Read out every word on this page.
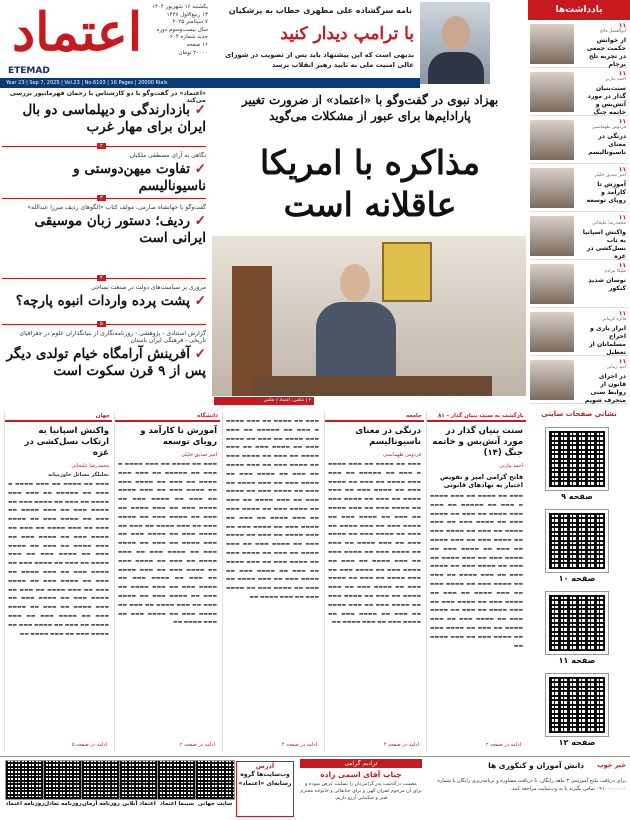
اعتماد
ETEMAD
یکشنبه ۱۶ شهریور ۱۴۰۴
۱۳ ربیع‌الاول ۱۴۴۷
۷ سپتامبر ۲۰۲۵
سال بیست‌وسوم دوره
جدید شماره ۶۰۴
۱۶ صفحه
۲۰۰۰۰ تومان
Year 23 | Sep 7, 2025 | Vol.23 | No.6103 | 16 Pages | 20000 Rials
نامه سرگشاده علی مطهری خطاب به پزشکیان
با ترامپ دیدار کنید
بدیهی است که این پیشنهاد باید پس از تصویب در شورای عالی امنیت ملی به تایید رهبر انقلاب برسد
یادداشت‌ها
۱۱
ابوالفضل فاتح
از خوانش حکمت جمعی در تجربه تلخ برجام
۱۱
احمد مازنی
سنت‌بنیان گذار در مورد آتش‌بس و خاتمه جنگ
۱۱
فردوس طهماسبی
درنگی در معنای ناسیونالیسم
۱۱
امیر صدیق خلیلی
آموزش تا کارآمد و رویای توسعه
۱۱
محمدرضا علیخانی
واکنش اسپانیا به تاب نسل‌کشی در غزه
۱۱
ملیکا مرادی
نوسان شدیدِ کنکور
۱۱
فائزه کرمانی
ابراز یاری و اخراج مسلمانان از تعطیل
۱۱
امید زمانی
در اجرای قانون از روابط سنی منحرف شویم
نشانی صفحات سایتی
صفحه ۹
صفحه ۱۰
صفحه ۱۱
صفحه ۱۲
«اعتماد» در گفت‌وگو با دو کارشناس با رحمان قهرمانپور بررسی می‌کند
✓ بازدارندگی و دیپلماسی دو بال ایران برای مهار غرب
۲
نگاهی به آرای مصطفی ملکیان
✓ تفاوت میهن‌دوستی و ناسیونالیسم
۳
گفت‌وگو با جهانشاه صارمی، مولف کتاب «الگوهای ردیف میرزا عبدالله»
✓ ردیف؛ دستور زبان موسیقی ایرانی است
۴
مروری بر سیاست‌های دولت در صنعت نساجی
✓ پشت پرده واردات انبوه پارچه؟
۵
گزارش استنادی - پژوهشی - روزنامه‌نگاری از بنیانگذاران علوم در جغرافیای تاریخی - فرهنگی ایران باستان
✓ آفرینش آرامگاه خیام تولدی دیگر پس از ۹ قرن سکوت است
بهزاد نبوی در گفت‌وگو با «اعتماد» از ضرورت تغییر پارادایم‌ها برای عبور از مشکلات می‌گوید
مذاکره با امریکا
عاقلانه است
۲ | عکس: اعتماد / عکس
بازگشت به سنت بنیان گذار - ۸۱
سنت بنیان گذار در مورد آتش‌بس و خاتمه جنگ (۱۴)
احمد مازنی
فاتح گرامی امیر و تفویض اختیار به نهادهای قانونی
▬▬▬ ▬▬ ▬▬▬▬ ▬▬ ▬▬▬ ▬▬▬▬ ▬ ▬▬▬ ▬▬ ▬▬▬▬▬ ▬▬ ▬▬▬ ▬▬▬ ▬▬▬▬ ▬▬ ▬▬▬ ▬▬ ▬▬▬▬ ▬▬▬ ▬▬ ▬▬▬▬ ▬▬▬ ▬▬ ▬▬▬ ▬▬▬▬ ▬▬ ▬▬▬ ▬▬ ▬▬▬▬ ▬▬▬ ▬▬ ▬▬▬▬ ▬▬▬ ▬▬ ▬▬▬ ▬▬▬▬ ▬▬ ▬▬▬ ▬▬ ▬▬▬▬ ▬▬▬ ▬▬ ▬▬▬▬ ▬▬▬ ▬▬ ▬▬▬ ▬▬▬▬ ▬▬ ▬▬▬ ▬▬ ▬▬▬▬ ▬▬▬ ▬▬ ▬▬▬▬ ▬▬▬ ▬▬ ▬▬▬ ▬▬▬▬ ▬▬ ▬▬▬ ▬▬ ▬▬▬▬ ▬▬▬ ▬▬ ▬▬▬▬ ▬▬▬ ▬▬ ▬▬▬ ▬▬▬▬ ▬▬ ▬▬▬ ▬▬ ▬▬▬▬ ▬▬▬ ▬▬ ▬▬▬▬ ▬▬▬ ▬▬ ▬▬▬ ▬▬▬▬ ▬▬ ▬▬▬ ▬▬ ▬▬▬▬ ▬▬▬ ▬▬ ▬▬▬▬ ▬▬▬ ▬▬ ▬▬▬ ▬▬▬▬ ▬▬ ▬▬▬ ▬▬ ▬▬▬▬ ▬▬▬ ▬▬ ▬▬▬▬ ▬▬▬ ▬▬ ▬▬▬ ▬▬▬▬ ▬▬
ادامه در صفحه ۲
جامعه
درنگی در معنای ناسیونالیسم
فردوس طهماسبی
▬▬▬ ▬▬ ▬▬▬▬ ▬▬ ▬▬▬ ▬▬▬▬ ▬ ▬▬▬ ▬▬ ▬▬▬▬▬ ▬▬ ▬▬▬ ▬▬▬ ▬▬▬▬ ▬▬ ▬▬▬ ▬▬ ▬▬▬▬ ▬▬▬ ▬▬ ▬▬▬▬ ▬▬▬ ▬▬ ▬▬▬ ▬▬▬▬ ▬▬ ▬▬▬ ▬▬ ▬▬▬▬ ▬▬▬ ▬▬ ▬▬▬▬ ▬▬▬ ▬▬ ▬▬▬ ▬▬▬▬ ▬▬ ▬▬▬ ▬▬ ▬▬▬▬ ▬▬▬ ▬▬ ▬▬▬▬ ▬▬▬ ▬▬ ▬▬▬ ▬▬▬▬ ▬▬ ▬▬▬ ▬▬ ▬▬▬▬ ▬▬▬ ▬▬ ▬▬▬▬ ▬▬▬ ▬▬ ▬▬▬ ▬▬▬▬ ▬▬ ▬▬▬ ▬▬ ▬▬▬▬ ▬▬▬ ▬▬ ▬▬▬▬ ▬▬▬ ▬▬ ▬▬▬ ▬▬▬▬ ▬▬ ▬▬▬ ▬▬ ▬▬▬▬ ▬▬▬ ▬▬ ▬▬▬▬ ▬▬▬ ▬▬ ▬▬▬ ▬▬▬▬ ▬▬ ▬▬▬ ▬▬ ▬▬▬▬ ▬▬▬ ▬▬ ▬▬▬▬ ▬▬▬ ▬▬ ▬▬▬ ▬▬▬▬ ▬▬ ▬▬▬ ▬▬ ▬▬▬▬ ▬▬▬ ▬▬ ▬▬▬▬ ▬▬▬ ▬▬ ▬▬▬ ▬▬▬▬ ▬▬ ▬▬▬ ▬▬ ▬▬▬▬ ▬▬▬ ▬▬ ▬▬▬▬ ▬▬▬ ▬▬ ▬▬▬ ▬▬▬▬ ▬▬
ادامه در صفحه ۴
▬▬▬ ▬▬ ▬▬▬▬ ▬▬ ▬▬▬ ▬▬▬▬ ▬ ▬▬▬ ▬▬ ▬▬▬▬▬ ▬▬ ▬▬▬ ▬▬▬ ▬▬▬▬ ▬▬ ▬▬▬ ▬▬ ▬▬▬▬ ▬▬▬ ▬▬ ▬▬▬▬ ▬▬▬ ▬▬ ▬▬▬ ▬▬▬▬ ▬▬ ▬▬▬ ▬▬ ▬▬▬▬ ▬▬▬ ▬▬ ▬▬▬▬ ▬▬▬ ▬▬ ▬▬▬ ▬▬▬▬ ▬▬ ▬▬▬ ▬▬ ▬▬▬▬ ▬▬▬ ▬▬ ▬▬▬▬ ▬▬▬ ▬▬ ▬▬▬ ▬▬▬▬ ▬▬ ▬▬▬ ▬▬ ▬▬▬▬ ▬▬▬ ▬▬ ▬▬▬▬ ▬▬▬ ▬▬ ▬▬▬ ▬▬▬▬ ▬▬ ▬▬▬ ▬▬ ▬▬▬▬ ▬▬▬ ▬▬ ▬▬▬▬ ▬▬▬ ▬▬ ▬▬▬ ▬▬▬▬ ▬▬ ▬▬▬ ▬▬ ▬▬▬▬ ▬▬▬ ▬▬ ▬▬▬▬ ▬▬▬ ▬▬ ▬▬▬ ▬▬▬▬ ▬▬ ▬▬▬ ▬▬ ▬▬▬▬ ▬▬▬ ▬▬ ▬▬▬▬ ▬▬▬ ▬▬ ▬▬▬ ▬▬▬▬ ▬▬ ▬▬▬ ▬▬ ▬▬▬▬ ▬▬▬ ▬▬ ▬▬▬▬ ▬▬▬ ▬▬ ▬▬▬ ▬▬▬▬ ▬▬ ▬▬▬ ▬▬ ▬▬▬▬ ▬▬▬ ▬▬ ▬▬▬▬ ▬▬▬ ▬▬ ▬▬▬ ▬▬▬▬ ▬▬ ▬▬▬ ▬▬ ▬▬▬▬ ▬▬▬ ▬▬ ▬▬▬▬ ▬▬▬ ▬▬ ▬▬▬ ▬▬▬▬ ▬▬
ادامه در صفحه ۴
دانشگاه
آموزش نا کارآمد و رویای توسعه
امیر صدیق خلیلی
▬▬▬ ▬▬ ▬▬▬▬ ▬▬ ▬▬▬ ▬▬▬▬ ▬ ▬▬▬ ▬▬ ▬▬▬▬▬ ▬▬ ▬▬▬ ▬▬▬ ▬▬▬▬ ▬▬ ▬▬▬ ▬▬ ▬▬▬▬ ▬▬▬ ▬▬ ▬▬▬▬ ▬▬▬ ▬▬ ▬▬▬ ▬▬▬▬ ▬▬ ▬▬▬ ▬▬ ▬▬▬▬ ▬▬▬ ▬▬ ▬▬▬▬ ▬▬▬ ▬▬ ▬▬▬ ▬▬▬▬ ▬▬ ▬▬▬ ▬▬ ▬▬▬▬ ▬▬▬ ▬▬ ▬▬▬▬ ▬▬▬ ▬▬ ▬▬▬ ▬▬▬▬ ▬▬ ▬▬▬ ▬▬ ▬▬▬▬ ▬▬▬ ▬▬ ▬▬▬▬ ▬▬▬ ▬▬ ▬▬▬ ▬▬▬▬ ▬▬ ▬▬▬ ▬▬ ▬▬▬▬ ▬▬▬ ▬▬ ▬▬▬▬ ▬▬▬ ▬▬ ▬▬▬ ▬▬▬▬ ▬▬ ▬▬▬ ▬▬ ▬▬▬▬ ▬▬▬ ▬▬ ▬▬▬▬ ▬▬▬ ▬▬ ▬▬▬ ▬▬▬▬ ▬▬ ▬▬▬ ▬▬ ▬▬▬▬ ▬▬▬ ▬▬ ▬▬▬▬ ▬▬▬ ▬▬ ▬▬▬ ▬▬▬▬ ▬▬ ▬▬▬ ▬▬ ▬▬▬▬ ▬▬▬ ▬▬ ▬▬▬▬ ▬▬▬ ▬▬ ▬▬▬ ▬▬▬▬ ▬▬ ▬▬▬ ▬▬ ▬▬▬▬ ▬▬▬ ▬▬ ▬▬▬▬ ▬▬▬ ▬▬ ▬▬▬ ▬▬▬▬ ▬▬
ادامه در صفحه ۲
جهان
واکنش اسپانیا به ارتکاب نسل‌کشی در غزه
محمدرضا علیخانی
تحلیلگر مسائل خاورمیانه
▬▬▬ ▬▬ ▬▬▬▬ ▬▬ ▬▬▬ ▬▬▬▬ ▬ ▬▬▬ ▬▬ ▬▬▬▬▬ ▬▬ ▬▬▬ ▬▬▬ ▬▬▬▬ ▬▬ ▬▬▬ ▬▬ ▬▬▬▬ ▬▬▬ ▬▬ ▬▬▬▬ ▬▬▬ ▬▬ ▬▬▬ ▬▬▬▬ ▬▬ ▬▬▬ ▬▬ ▬▬▬▬ ▬▬▬ ▬▬ ▬▬▬▬ ▬▬▬ ▬▬ ▬▬▬ ▬▬▬▬ ▬▬ ▬▬▬ ▬▬ ▬▬▬▬ ▬▬▬ ▬▬ ▬▬▬▬ ▬▬▬ ▬▬ ▬▬▬ ▬▬▬▬ ▬▬ ▬▬▬ ▬▬ ▬▬▬▬ ▬▬▬ ▬▬ ▬▬▬▬ ▬▬▬ ▬▬ ▬▬▬ ▬▬▬▬ ▬▬ ▬▬▬ ▬▬ ▬▬▬▬ ▬▬▬ ▬▬ ▬▬▬▬ ▬▬▬ ▬▬ ▬▬▬ ▬▬▬▬ ▬▬ ▬▬▬ ▬▬ ▬▬▬▬ ▬▬▬ ▬▬ ▬▬▬▬ ▬▬▬ ▬▬ ▬▬▬ ▬▬▬▬ ▬▬ ▬▬▬ ▬▬ ▬▬▬▬ ▬▬▬ ▬▬ ▬▬▬▬ ▬▬▬ ▬▬ ▬▬▬ ▬▬▬▬ ▬▬ ▬▬▬ ▬▬ ▬▬▬▬ ▬▬▬ ▬▬ ▬▬▬▬ ▬▬▬ ▬▬ ▬▬▬ ▬▬▬▬ ▬▬ ▬▬▬ ▬▬ ▬▬▬▬ ▬▬▬ ▬▬ ▬▬▬▬ ▬▬▬ ▬▬ ▬▬▬ ▬▬▬▬ ▬▬
ادامه در صفحه ۵
روزنامه اعتماد روزنامه تعادل روزنامه آرمان اعتماد آنلاین سینما اعتماد سایت جهانی
آدرس
وب‌سایت‌ها گروه رسانه‌ای «اعتماد»
ترادیم گرامی
جناب آقای اسمی زاده
مصیبت درگذشت پدر گرامی‌تان را تسلیت عرض نموده و برای آن مرحوم غفران الهی و برای جنابعالی و خانواده محترم صبر و شکیبایی آرزو داریم.
خبر خوب
دانش آموزان و کنکوری ها
برای دریافت پکیج آموزشی ۳ ماهه رایگان، با دریافت مشاوره و برنامه‌ریزی رایگان با شماره ۰۹۱۰۰۰۰۰۰۰۰ تماس بگیرید یا به وب‌سایت مراجعه کنید.
